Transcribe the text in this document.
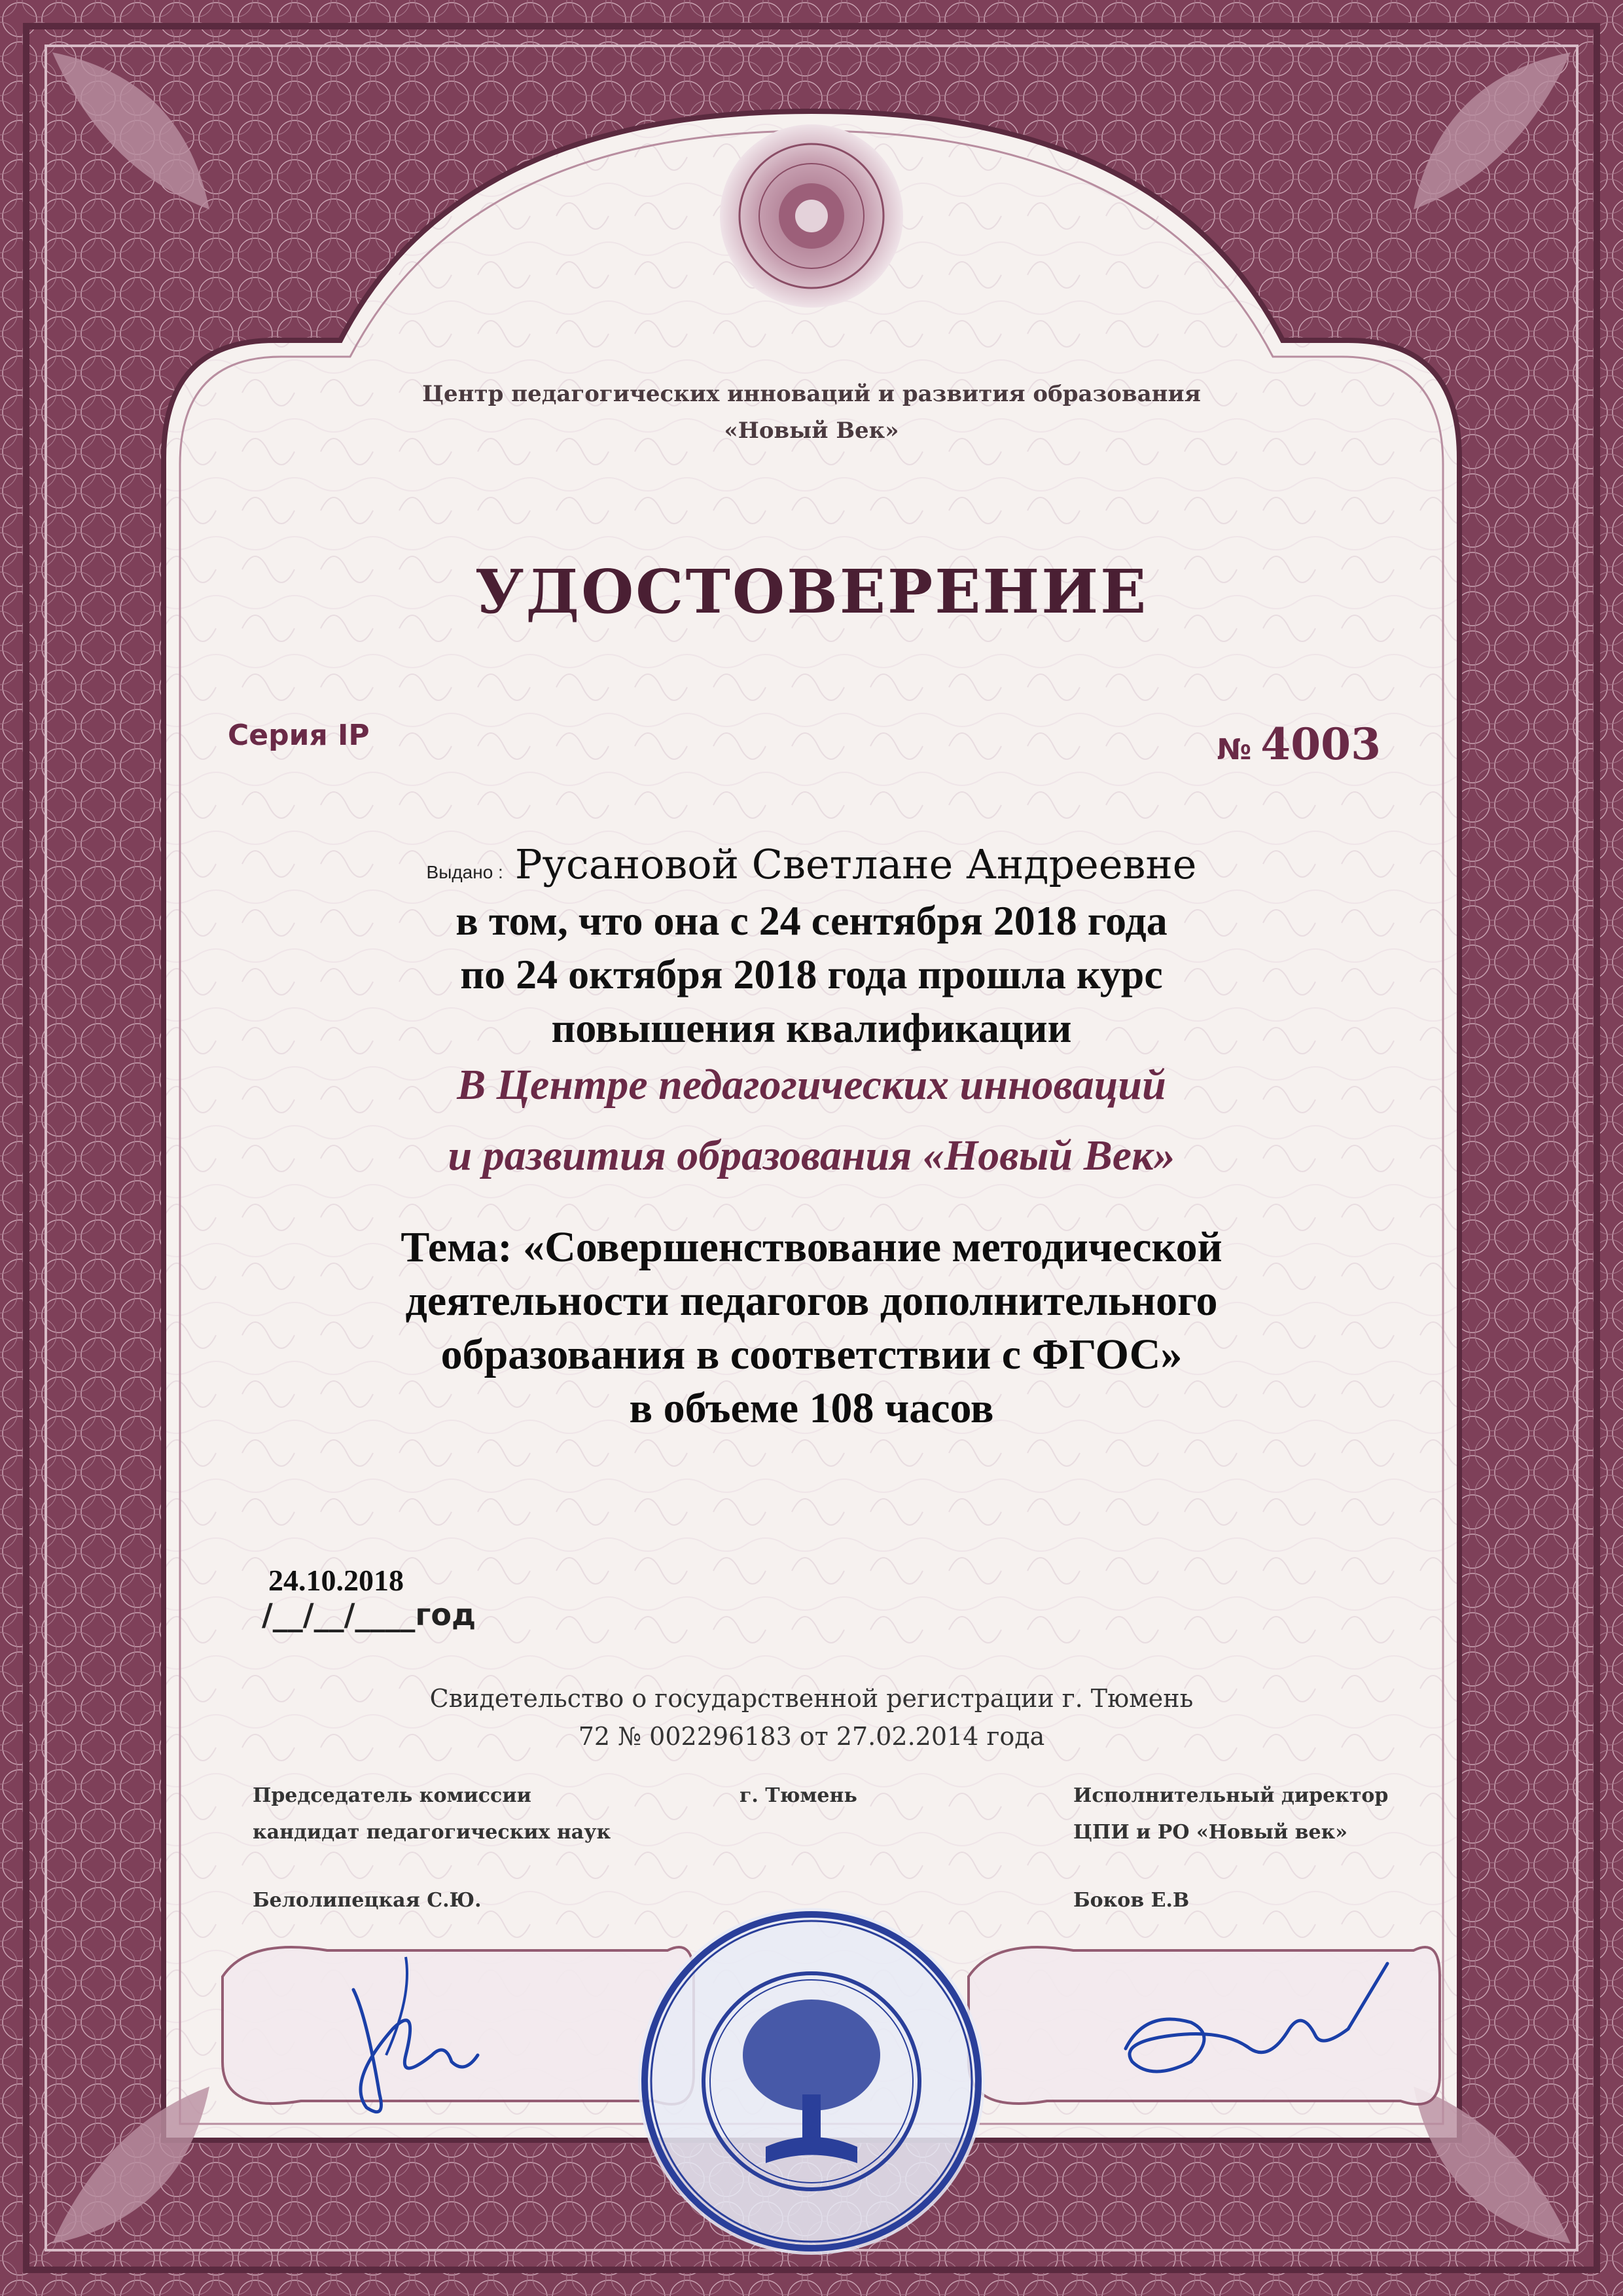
Центр педагогических инноваций и развития образования
«Новый Век»
УДОСТОВЕРЕНИЕ
Серия IP	№ 4003
Выдано : Русановой Светлане Андреевне
в том, что она с 24 сентября 2018 года
по 24 октября 2018 года прошла курс
повышения квалификации
В Центре педагогических инноваций
и развития образования «Новый Век»
Тема: «Совершенствование методической
деятельности педагогов дополнительного
образования в соответствии с ФГОС»
в объеме 108 часов
24.10.2018
/__/__/____год
Свидетельство о государственной регистрации г. Тюмень
72 № 002296183 от 27.02.2014 года
Председатель комиссии
кандидат педагогических наук
Белолипецкая С.Ю.
г. Тюмень	Исполнительный директор
ЦПИ и РО «Новый век»
Боков Е.В
